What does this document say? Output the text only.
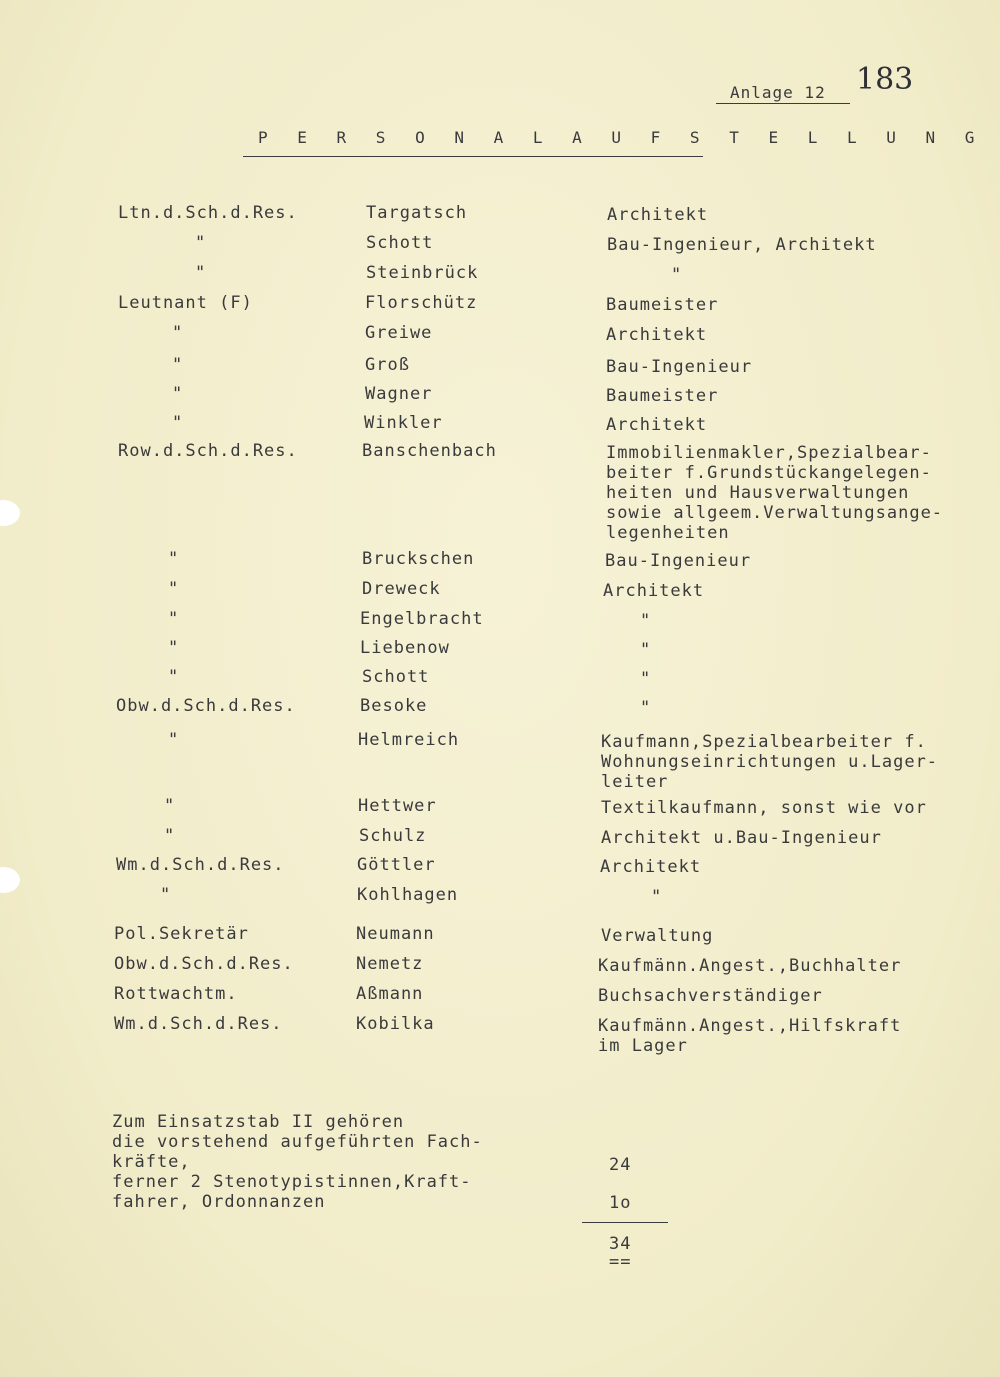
Anlage 12 183
P E R S O N A L A U F S T E L L U N G
Ltn.d.Sch.d.Res.	Targatsch	Architekt
"	Schott	Bau-Ingenieur, Architekt
"	Steinbrück	"
Leutnant (F)	Florschütz	Baumeister
"	Greiwe	Architekt
"	Groß	Bau-Ingenieur
"	Wagner	Baumeister
"	Winkler	Architekt
Row.d.Sch.d.Res.	Banschenbach	Immobilienmakler,Spezialbear-
beiter f.Grundstückangelegen-
heiten und Hausverwaltungen
sowie allgeem.Verwaltungsange-
legenheiten
"	Bruckschen	Bau-Ingenieur
"	Dreweck	Architekt
"	Engelbracht	"
"	Liebenow	"
"	Schott	"
Obw.d.Sch.d.Res.	Besoke	"
"	Helmreich	Kaufmann,Spezialbearbeiter f.
Wohnungseinrichtungen u.Lager-
leiter
"	Hettwer	Textilkaufmann, sonst wie vor
"	Schulz	Architekt u.Bau-Ingenieur
Wm.d.Sch.d.Res.	Göttler	Architekt
"	Kohlhagen	"
Pol.Sekretär	Neumann	Verwaltung
Obw.d.Sch.d.Res.	Nemetz	Kaufmänn.Angest.,Buchhalter
Rottwachtm.	Aßmann	Buchsachverständiger
Wm.d.Sch.d.Res.	Kobilka	Kaufmänn.Angest.,Hilfskraft
im Lager
Zum Einsatzstab II gehören
die vorstehend aufgeführten Fach-
kräfte,
ferner 2 Stenotypistinnen,Kraft-
fahrer, Ordonnanzen
24
1o
34
==
